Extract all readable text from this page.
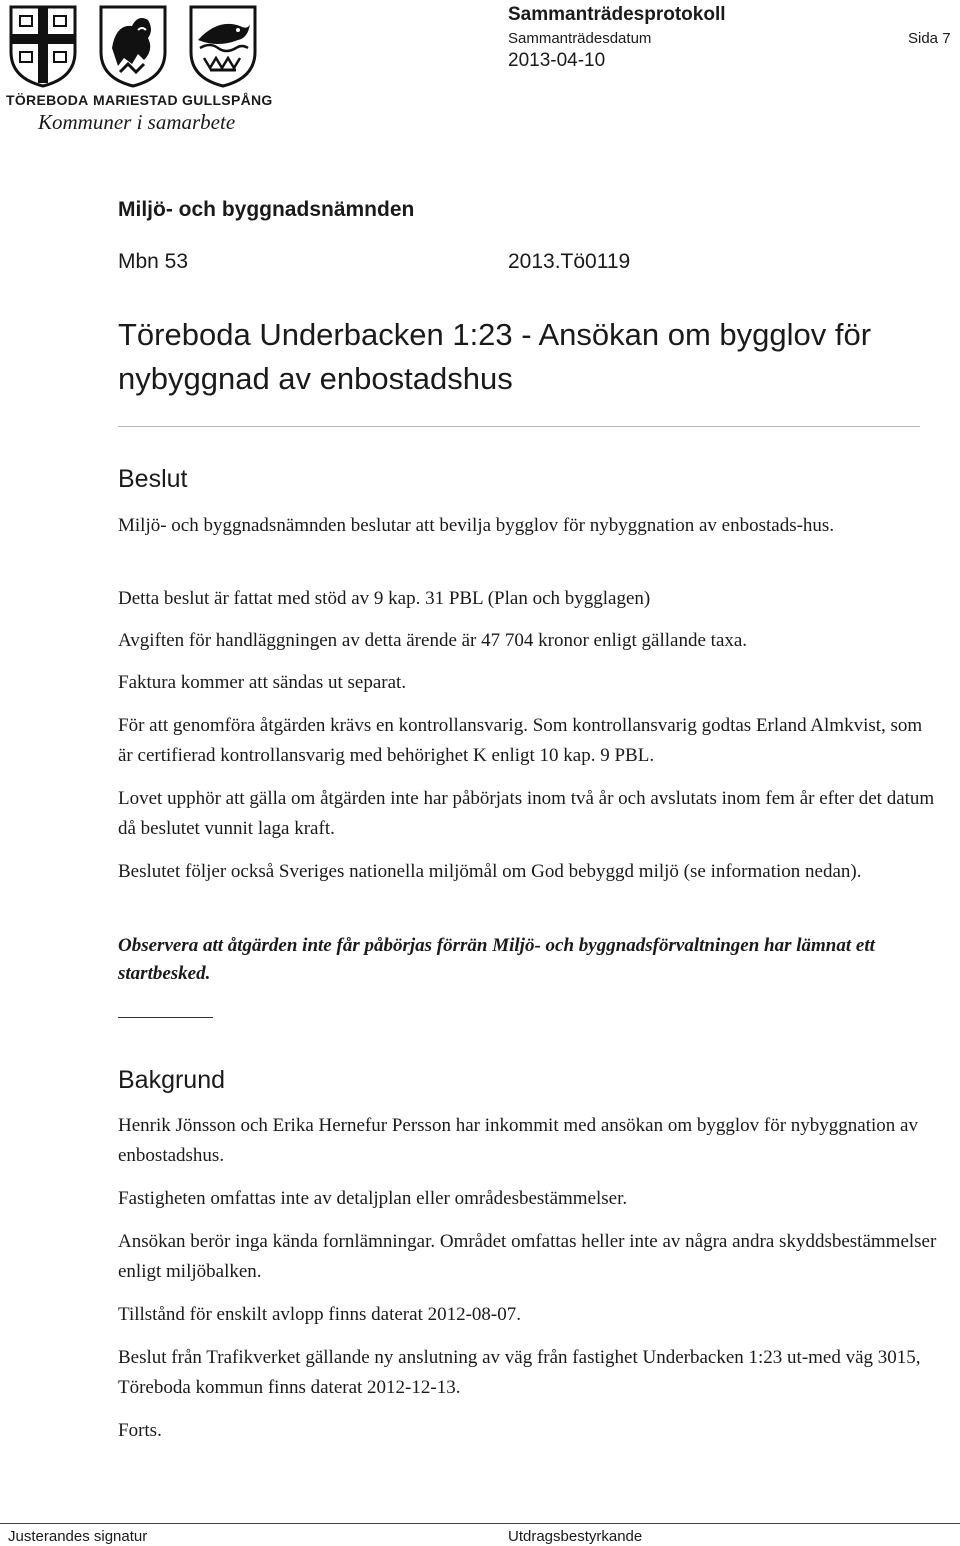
TÖREBODA MARIESTAD GULLSPÅNG
Kommuner i samarbete
Sammanträdesprotokoll
Sammanträdesdatum	Sida 7
2013-04-10
Miljö- och byggnadsnämnden
Mbn 53	2013.Tö0119
Töreboda Underbacken 1:23 - Ansökan om bygglov för nybyggnad av enbostadshus
Beslut
Miljö- och byggnadsnämnden beslutar att bevilja bygglov för nybyggnation av enbostads-hus.
Detta beslut är fattat med stöd av 9 kap. 31 PBL (Plan och bygglagen)
Avgiften för handläggningen av detta ärende är 47 704 kronor enligt gällande taxa.
Faktura kommer att sändas ut separat.
För att genomföra åtgärden krävs en kontrollansvarig. Som kontrollansvarig godtas Erland Almkvist, som är certifierad kontrollansvarig med behörighet K enligt 10 kap. 9 PBL.
Lovet upphör att gälla om åtgärden inte har påbörjats inom två år och avslutats inom fem år efter det datum då beslutet vunnit laga kraft.
Beslutet följer också Sveriges nationella miljömål om God bebyggd miljö (se information nedan).
Observera att åtgärden inte får påbörjas förrän Miljö- och byggnadsförvaltningen har lämnat ett startbesked.
Bakgrund
Henrik Jönsson och Erika Hernefur Persson har inkommit med ansökan om bygglov för nybyggnation av enbostadshus.
Fastigheten omfattas inte av detaljplan eller områdesbestämmelser.
Ansökan berör inga kända fornlämningar. Området omfattas heller inte av några andra skyddsbestämmelser enligt miljöbalken.
Tillstånd för enskilt avlopp finns daterat 2012-08-07.
Beslut från Trafikverket gällande ny anslutning av väg från fastighet Underbacken 1:23 ut-med väg 3015, Töreboda kommun finns daterat 2012-12-13.
Forts.
Justerandes signatur	Utdragsbestyrkande
